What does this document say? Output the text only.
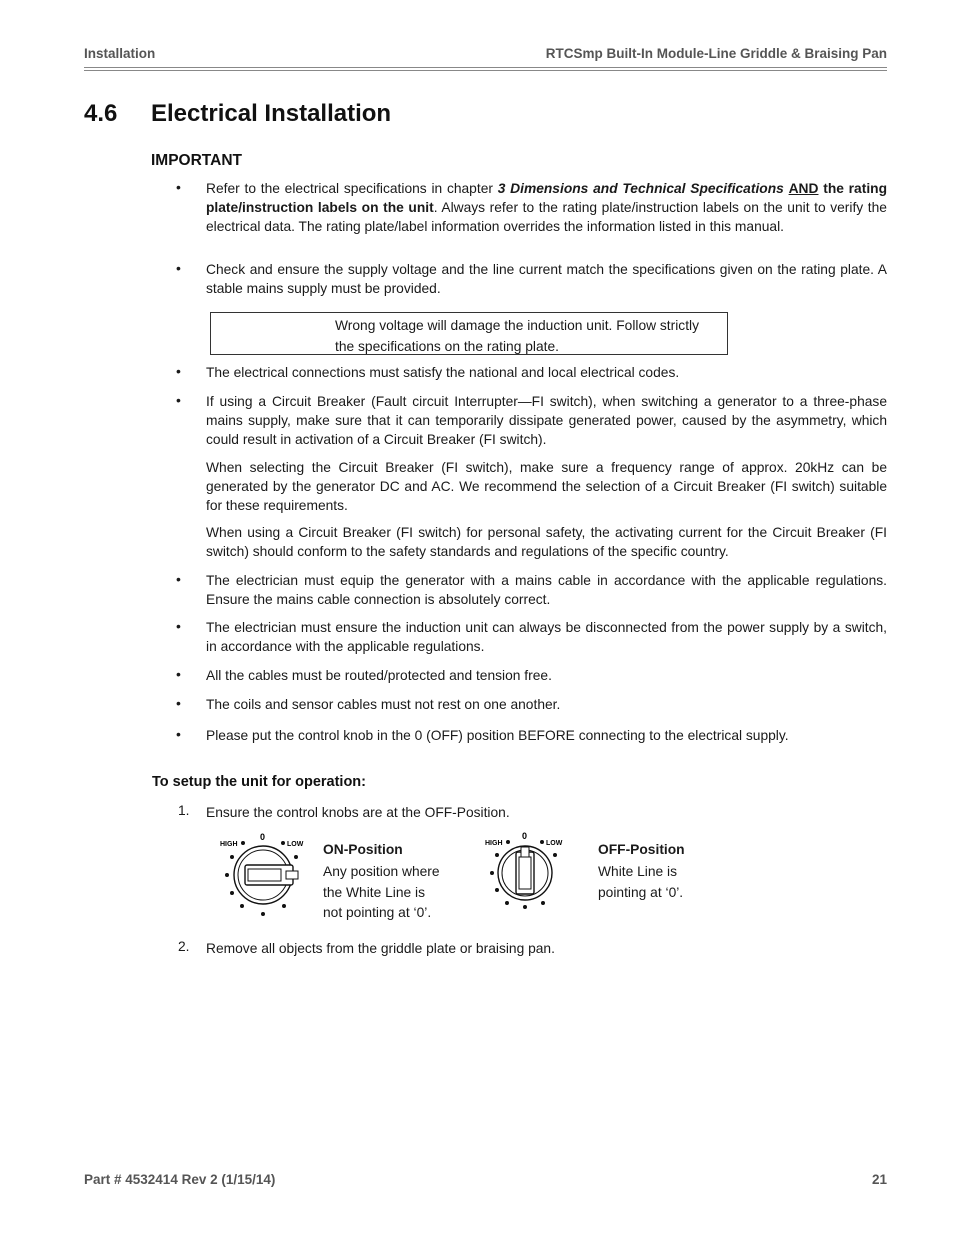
Installation	RTCSmp Built-In Module-Line Griddle & Braising Pan
4.6 Electrical Installation
IMPORTANT
• Refer to the electrical specifications in chapter 3 Dimensions and Technical Specifications AND the rating plate/instruction labels on the unit. Always refer to the rating plate/instruction labels on the unit to verify the electrical data. The rating plate/label information overrides the information listed in this manual.
• Check and ensure the supply voltage and the line current match the specifications given on the rating plate. A stable mains supply must be provided.
Wrong voltage will damage the induction unit. Follow strictly the specifications on the rating plate.
• The electrical connections must satisfy the national and local electrical codes.
• If using a Circuit Breaker (Fault circuit Interrupter—FI switch), when switching a generator to a three-phase mains supply, make sure that it can temporarily dissipate generated power, caused by the asymmetry, which could result in activation of a Circuit Breaker (FI switch).
When selecting the Circuit Breaker (FI switch), make sure a frequency range of approx. 20kHz can be generated by the generator DC and AC. We recommend the selection of a Circuit Breaker (FI switch) suitable for these requirements.
When using a Circuit Breaker (FI switch) for personal safety, the activating current for the Circuit Breaker (FI switch) should conform to the safety standards and regulations of the specific country.
• The electrician must equip the generator with a mains cable in accordance with the applicable regulations. Ensure the mains cable connection is absolutely correct.
• The electrician must ensure the induction unit can always be disconnected from the power supply by a switch, in accordance with the applicable regulations.
• All the cables must be routed/protected and tension free.
• The coils and sensor cables must not rest on one another.
• Please put the control knob in the 0 (OFF) position BEFORE connecting to the electrical supply.
To setup the unit for operation:
1. Ensure the control knobs are at the OFF-Position.
HIGH
0
LOW ON-Position
Any position where
the White Line is
not pointing at ‘0’.
HIGH
0
LOW	OFF-Position
White Line is
pointing at ‘0’.
2. Remove all objects from the griddle plate or braising pan.
Part # 4532414 Rev 2 (1/15/14)	21
